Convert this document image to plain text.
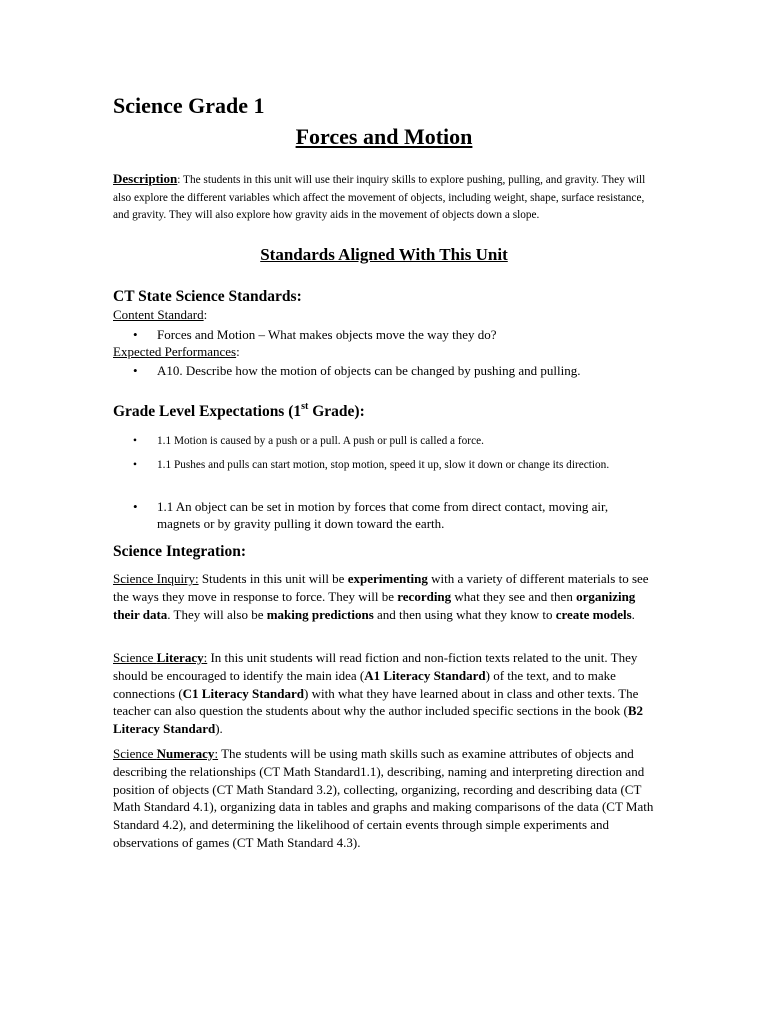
Science Grade 1
Forces and Motion
Description: The students in this unit will use their inquiry skills to explore pushing, pulling, and gravity. They will also explore the different variables which affect the movement of objects, including weight, shape, surface resistance, and gravity. They will also explore how gravity aids in the movement of objects down a slope.
Standards Aligned With This Unit
CT State Science Standards:
Content Standard:
•	Forces and Motion – What makes objects move the way they do?
Expected Performances:
•	A10. Describe how the motion of objects can be changed by pushing and pulling.
Grade Level Expectations (1st Grade):
•	1.1 Motion is caused by a push or a pull. A push or pull is called a force.
•	1.1 Pushes and pulls can start motion, stop motion, speed it up, slow it down or change its direction.
•	1.1 An object can be set in motion by forces that come from direct contact, moving air, magnets or by gravity pulling it down toward the earth.
Science Integration:
Science Inquiry: Students in this unit will be experimenting with a variety of different materials to see the ways they move in response to force. They will be recording what they see and then organizing their data. They will also be making predictions and then using what they know to create models.
Science Literacy: In this unit students will read fiction and non-fiction texts related to the unit. They should be encouraged to identify the main idea (A1 Literacy Standard) of the text, and to make connections (C1 Literacy Standard) with what they have learned about in class and other texts. The teacher can also question the students about why the author included specific sections in the book (B2 Literacy Standard).
Science Numeracy: The students will be using math skills such as examine attributes of objects and describing the relationships (CT Math Standard1.1), describing, naming and interpreting direction and position of objects (CT Math Standard 3.2), collecting, organizing, recording and describing data (CT Math Standard 4.1), organizing data in tables and graphs and making comparisons of the data (CT Math Standard 4.2), and determining the likelihood of certain events through simple experiments and observations of games (CT Math Standard 4.3).
